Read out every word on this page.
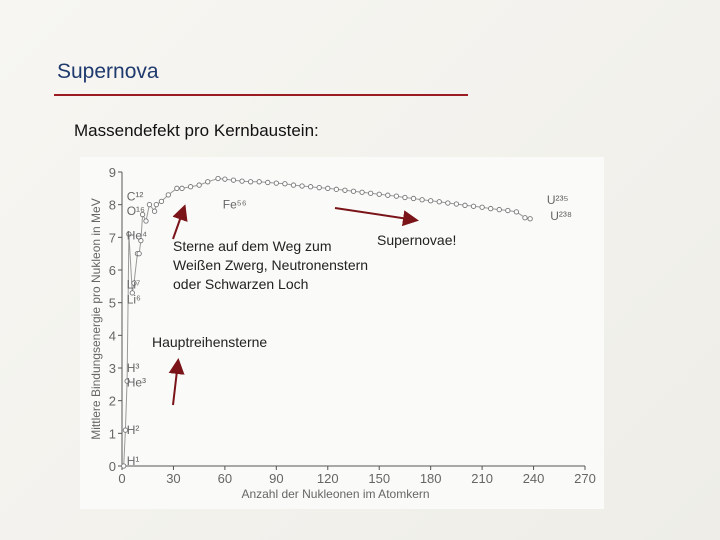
Supernova
Massendefekt pro Kernbaustein:
0	30	60	90	120 150 180 210 240 270
0
1
2
3
4
5
6
7
8
9
Anzahl der Nukleonen im Atomkern
Mittlere Bindungsenergie pro Nukleon in MeV
H¹
H²
H³
He³
Li⁷
Li⁶
He⁴
C¹²
O¹⁶	Fe⁵⁶	U²³⁵
U²³⁸
Supernovae!
Sterne auf dem Weg zum
Weißen Zwerg, Neutronenstern
oder Schwarzen Loch
Hauptreihensterne
